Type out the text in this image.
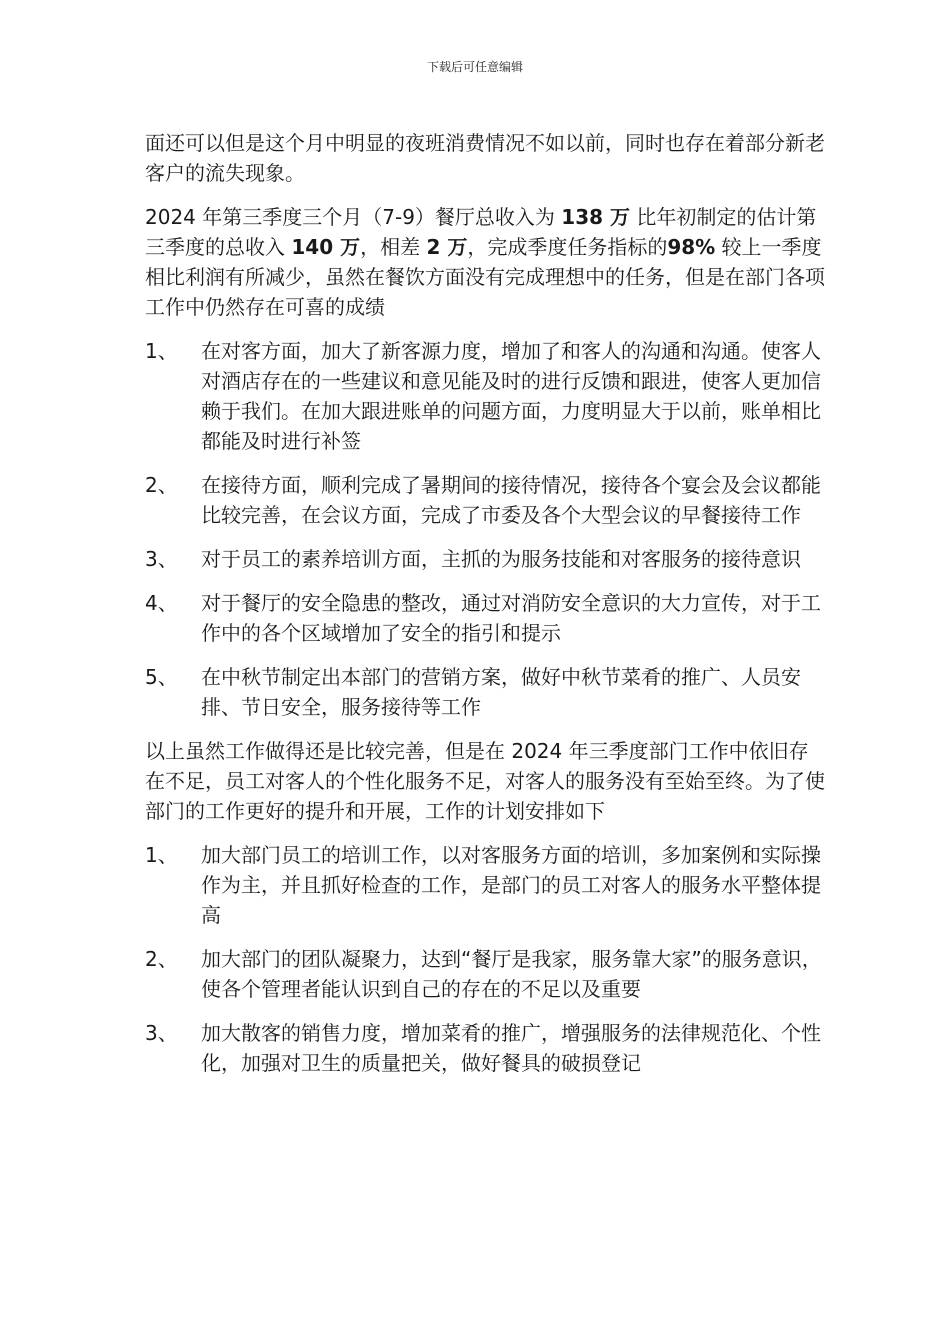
下载后可任意编辑

面还可以但是这个月中明显的夜班消费情况不如以前，同时也存在着部分新老客户的流失现象。

2024 年第三季度三个月（7-9）餐厅总收入为 138 万 比年初制定的估计第三季度的总收入 140 万，相差 2 万，完成季度任务指标的98% 较上一季度相比利润有所减少，虽然在餐饮方面没有完成理想中的任务，但是在部门各项工作中仍然存在可喜的成绩

1、	在对客方面，加大了新客源力度，增加了和客人的沟通和沟通。使客人对酒店存在的一些建议和意见能及时的进行反馈和跟进，使客人更加信赖于我们。在加大跟进账单的问题方面，力度明显大于以前，账单相比都能及时进行补签
2、	在接待方面，顺利完成了暑期间的接待情况，接待各个宴会及会议都能比较完善，在会议方面，完成了市委及各个大型会议的早餐接待工作
3、	对于员工的素养培训方面，主抓的为服务技能和对客服务的接待意识
4、	对于餐厅的安全隐患的整改，通过对消防安全意识的大力宣传，对于工作中的各个区域增加了安全的指引和提示
5、	在中秋节制定出本部门的营销方案，做好中秋节菜肴的推广、人员安排、节日安全，服务接待等工作

以上虽然工作做得还是比较完善，但是在 2024 年三季度部门工作中依旧存在不足，员工对客人的个性化服务不足，对客人的服务没有至始至终。为了使部门的工作更好的提升和开展，工作的计划安排如下

1、	加大部门员工的培训工作，以对客服务方面的培训，多加案例和实际操作为主，并且抓好检查的工作，是部门的员工对客人的服务水平整体提高
2、	加大部门的团队凝聚力，达到“餐厅是我家，服务靠大家”的服务意识，使各个管理者能认识到自己的存在的不足以及重要
3、	加大散客的销售力度，增加菜肴的推广，增强服务的法律规范化、个性化，加强对卫生的质量把关，做好餐具的破损登记
